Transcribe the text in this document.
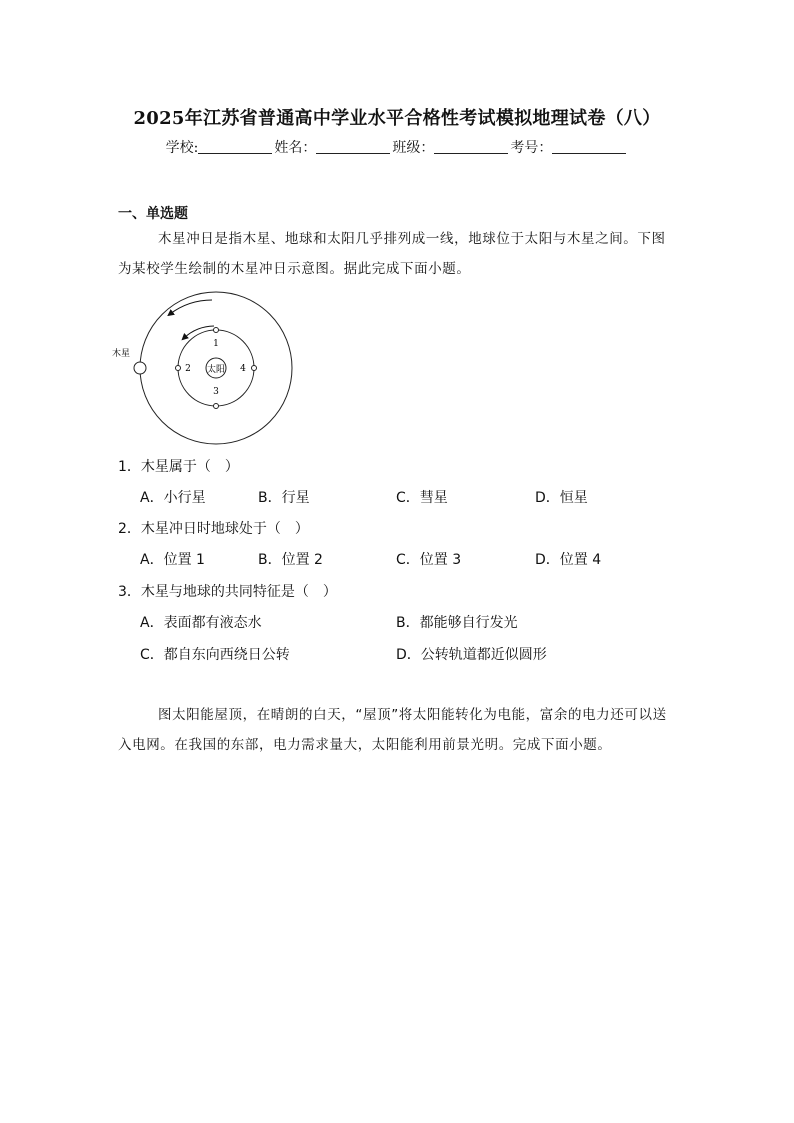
2025年江苏省普通高中学业水平合格性考试模拟地理试卷（八）
学校:	姓名：	班级：	考号：
一、单选题
木星冲日是指木星、地球和太阳几乎排列成一线，地球位于太阳与木星之间。下图为某校学生绘制的木星冲日示意图。据此完成下面小题。
太阳
1
2
3
4
木星
1．木星属于（　）
A．小行星	B．行星	C．彗星	D．恒星
2．木星冲日时地球处于（　）
A．位置 1	B．位置 2	C．位置 3	D．位置 4
3．木星与地球的共同特征是（　）
A．表面都有液态水	B．都能够自行发光
C．都自东向西绕日公转	D．公转轨道都近似圆形
图太阳能屋顶，在晴朗的白天，“屋顶”将太阳能转化为电能，富余的电力还可以送入电网。在我国的东部，电力需求量大，太阳能利用前景光明。完成下面小题。
